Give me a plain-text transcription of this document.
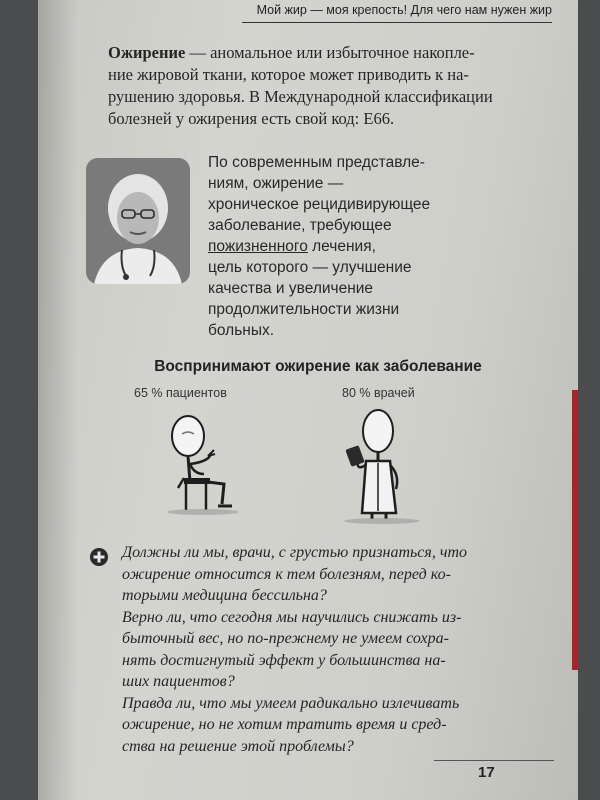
Мой жир — моя крепость! Для чего нам нужен жир
Ожирение — аномальное или избыточное накопле-
ние жировой ткани, которое может приводить к на-
рушению здоровья. В Международной классификации
болезней у ожирения есть свой код: Е66.
По современным представле-
ниям, ожирение —
хроническое рецидивирующее
заболевание, требующее
пожизненного лечения,
цель которого — улучшение
качества и увеличение
продолжительности жизни
больных.
Воспринимают ожирение как заболевание
65 % пациентов	80 % врачей
Должны ли мы, врачи, с грустью признаться, что
ожирение относится к тем болезням, перед ко-
торыми медицина бессильна?
Верно ли, что сегодня мы научились снижать из-
быточный вес, но по-прежнему не умеем сохра-
нять достигнутый эффект у большинства на-
ших пациентов?
Правда ли, что мы умеем радикально излечивать
ожирение, но не хотим тратить время и сред-
ства на решение этой проблемы?
17
